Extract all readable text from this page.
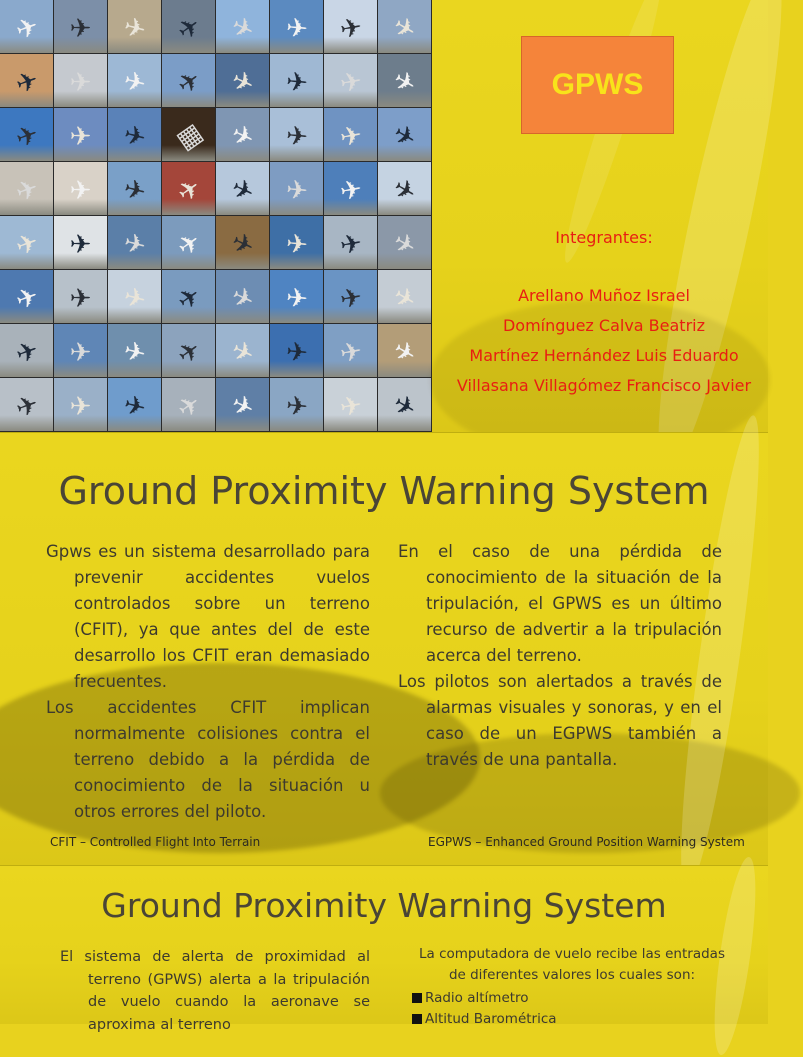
✈ ✈ ✈ ✈ ✈ ✈ ✈ ✈
✈ ✈ ✈ ✈ ✈ ✈ ✈ ✈
✈ ✈ ✈ ▦ ✈ ✈ ✈ ✈
✈ ✈ ✈ ✈ ✈ ✈ ✈ ✈
✈ ✈ ✈ ✈ ✈ ✈ ✈ ✈
✈ ✈ ✈ ✈ ✈ ✈ ✈ ✈
✈ ✈ ✈ ✈ ✈ ✈ ✈ ✈
✈ ✈ ✈ ✈ ✈ ✈ ✈ ✈
GPWS
Integrantes:
Arellano Muñoz Israel
Domínguez Calva Beatriz
Martínez Hernández Luis Eduardo
Villasana Villagómez Francisco Javier
Ground Proximity Warning System

Gpws es un sistema desarrollado para prevenir accidentes vuelos controlados sobre un terreno (CFIT), ya que antes del de este desarrollo los CFIT eran demasiado frecuentes.

Los accidentes CFIT implican normalmente colisiones contra el terreno debido a la pérdida de conocimiento de la situación u otros errores del piloto.

En el caso de una pérdida de conocimiento de la situación de la tripulación, el GPWS es un último recurso de advertir a la tripulación acerca del terreno.

Los pilotos son alertados a través de alarmas visuales y sonoras, y en el caso de un EGPWS también a través de una pantalla.

CFIT – Controlled Flight Into Terrain	EGPWS – Enhanced Ground Position Warning System
Ground Proximity Warning System

El sistema de alerta de proximidad al terreno (GPWS) alerta a la tripulación de vuelo cuando la aeronave se aproxima al terreno

La computadora de vuelo recibe las entradas de diferentes valores los cuales son:

Radio altímetro
Altitud Barométrica
